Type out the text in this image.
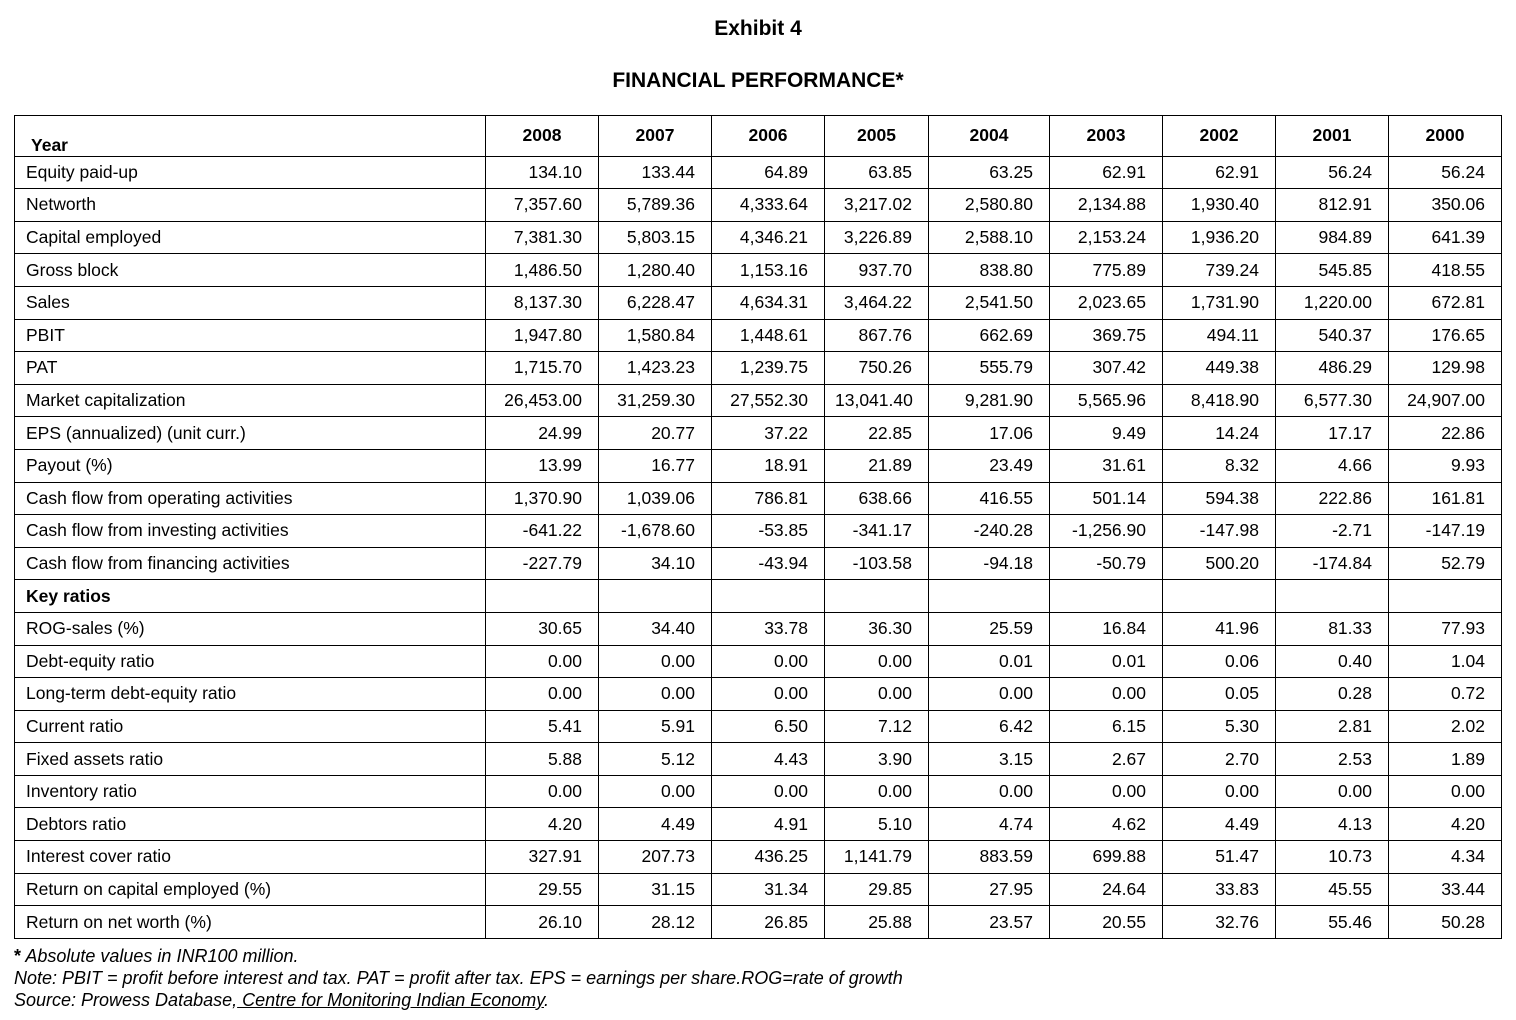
Exhibit 4
FINANCIAL PERFORMANCE*
Year	2008	2007	2006	2005	2004	2003	2002	2001	2000
Equity paid-up	134.10	133.44	64.89	63.85	63.25	62.91	62.91	56.24	56.24
Networth	7,357.60	5,789.36	4,333.64	3,217.02	2,580.80	2,134.88	1,930.40	812.91	350.06
Capital employed	7,381.30	5,803.15	4,346.21	3,226.89	2,588.10	2,153.24	1,936.20	984.89	641.39
Gross block	1,486.50	1,280.40	1,153.16	937.70	838.80	775.89	739.24	545.85	418.55
Sales	8,137.30	6,228.47	4,634.31	3,464.22	2,541.50	2,023.65	1,731.90	1,220.00	672.81
PBIT	1,947.80	1,580.84	1,448.61	867.76	662.69	369.75	494.11	540.37	176.65
PAT	1,715.70	1,423.23	1,239.75	750.26	555.79	307.42	449.38	486.29	129.98
Market capitalization	26,453.00	31,259.30	27,552.30	13,041.40	9,281.90	5,565.96	8,418.90	6,577.30	24,907.00
EPS (annualized) (unit curr.)	24.99	20.77	37.22	22.85	17.06	9.49	14.24	17.17	22.86
Payout (%)	13.99	16.77	18.91	21.89	23.49	31.61	8.32	4.66	9.93
Cash flow from operating activities	1,370.90	1,039.06	786.81	638.66	416.55	501.14	594.38	222.86	161.81
Cash flow from investing activities	-641.22	-1,678.60	-53.85	-341.17	-240.28	-1,256.90	-147.98	-2.71	-147.19
Cash flow from financing activities	-227.79	34.10	-43.94	-103.58	-94.18	-50.79	500.20	-174.84	52.79
Key ratios									
ROG-sales (%)	30.65	34.40	33.78	36.30	25.59	16.84	41.96	81.33	77.93
Debt-equity ratio	0.00	0.00	0.00	0.00	0.01	0.01	0.06	0.40	1.04
Long-term debt-equity ratio	0.00	0.00	0.00	0.00	0.00	0.00	0.05	0.28	0.72
Current ratio	5.41	5.91	6.50	7.12	6.42	6.15	5.30	2.81	2.02
Fixed assets ratio	5.88	5.12	4.43	3.90	3.15	2.67	2.70	2.53	1.89
Inventory ratio	0.00	0.00	0.00	0.00	0.00	0.00	0.00	0.00	0.00
Debtors ratio	4.20	4.49	4.91	5.10	4.74	4.62	4.49	4.13	4.20
Interest cover ratio	327.91	207.73	436.25	1,141.79	883.59	699.88	51.47	10.73	4.34
Return on capital employed (%)	29.55	31.15	31.34	29.85	27.95	24.64	33.83	45.55	33.44
Return on net worth (%)	26.10	28.12	26.85	25.88	23.57	20.55	32.76	55.46	50.28
* Absolute values in INR100 million.
Note: PBIT = profit before interest and tax. PAT = profit after tax. EPS = earnings per share.ROG=rate of growth
Source: Prowess Database, Centre for Monitoring Indian Economy.
